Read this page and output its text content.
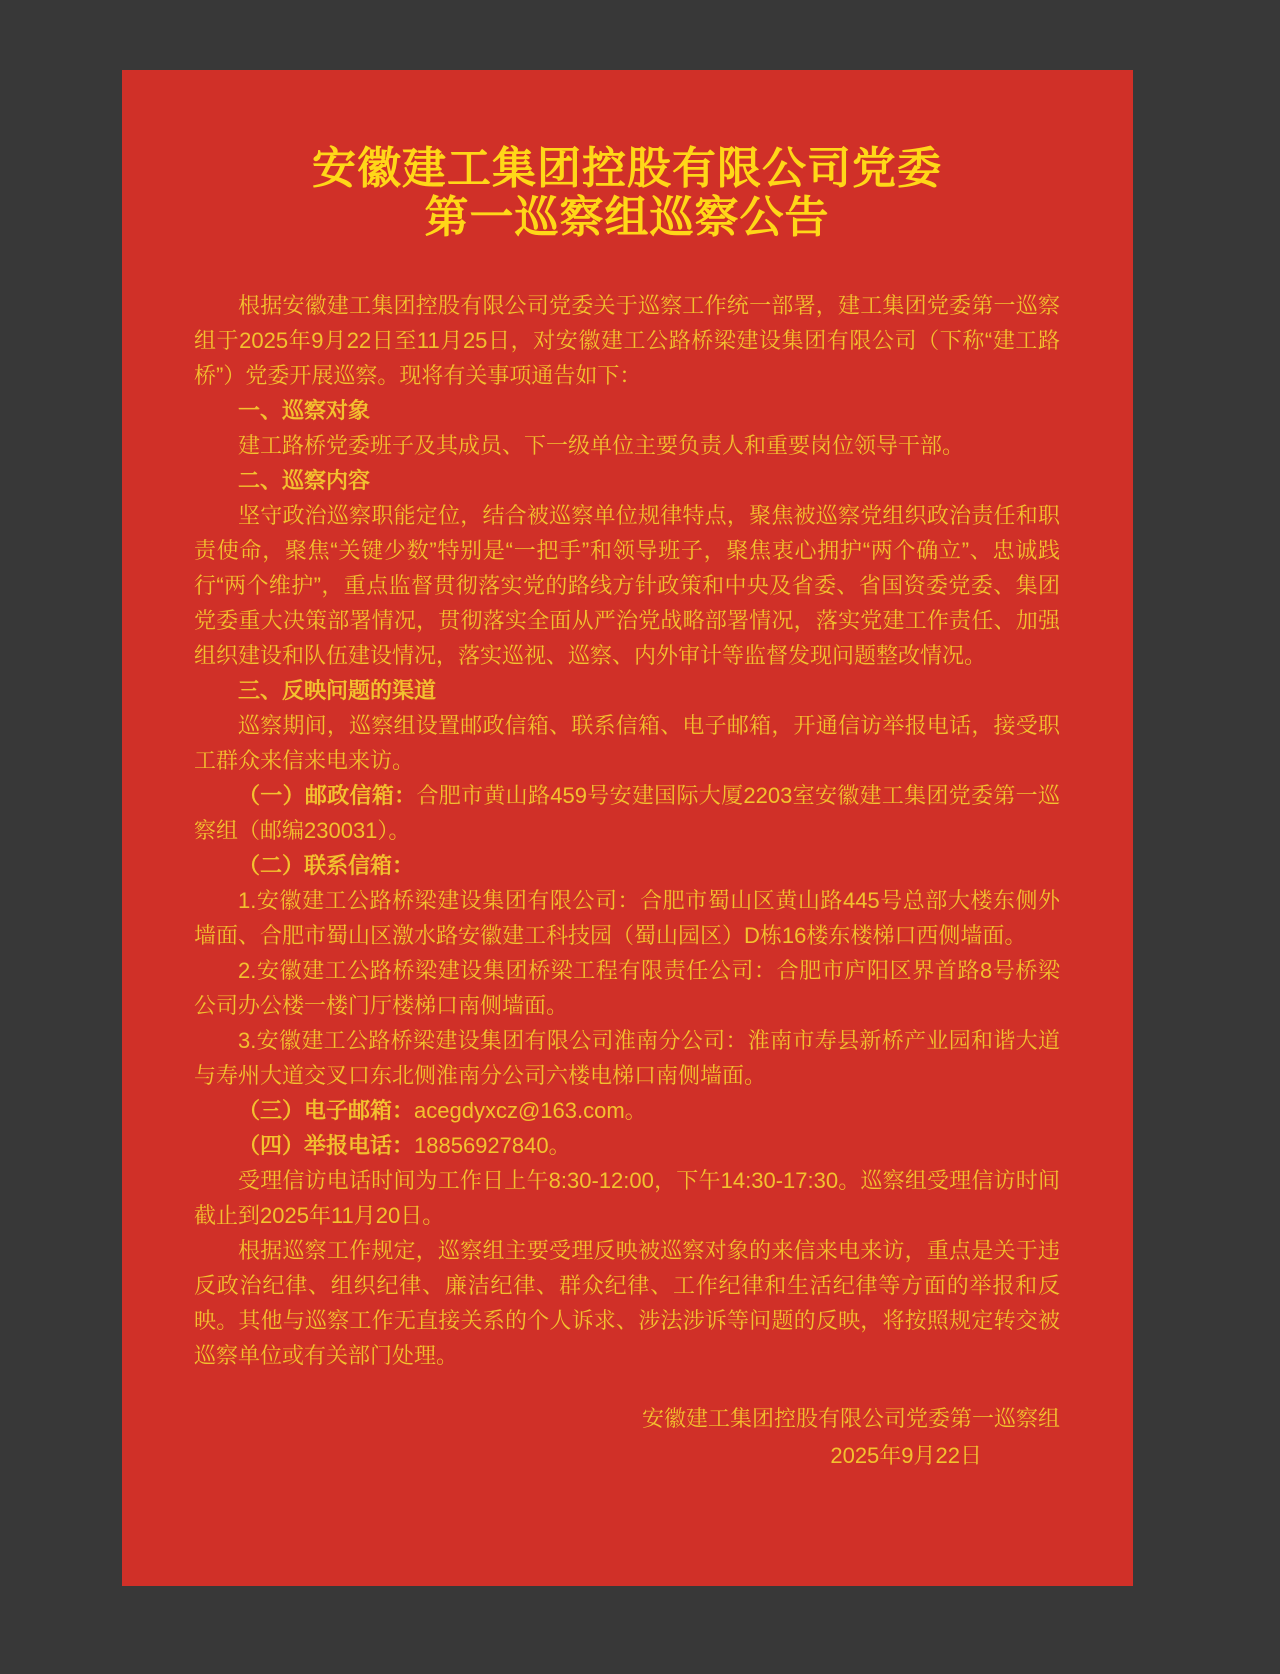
安徽建工集团控股有限公司党委
第一巡察组巡察公告

根据安徽建工集团控股有限公司党委关于巡察工作统一部署，建工集团党委第一巡察组于2025年9月22日至11月25日，对安徽建工公路桥梁建设集团有限公司（下称“建工路桥”）党委开展巡察。现将有关事项通告如下：

一、巡察对象

建工路桥党委班子及其成员、下一级单位主要负责人和重要岗位领导干部。

二、巡察内容

坚守政治巡察职能定位，结合被巡察单位规律特点，聚焦被巡察党组织政治责任和职责使命，聚焦“关键少数”特别是“一把手”和领导班子，聚焦衷心拥护“两个确立”、忠诚践行“两个维护”，重点监督贯彻落实党的路线方针政策和中央及省委、省国资委党委、集团党委重大决策部署情况，贯彻落实全面从严治党战略部署情况，落实党建工作责任、加强组织建设和队伍建设情况，落实巡视、巡察、内外审计等监督发现问题整改情况。

三、反映问题的渠道

巡察期间，巡察组设置邮政信箱、联系信箱、电子邮箱，开通信访举报电话，接受职工群众来信来电来访。

（一）邮政信箱：合肥市黄山路459号安建国际大厦2203室安徽建工集团党委第一巡察组（邮编230031）。

（二）联系信箱：

1.安徽建工公路桥梁建设集团有限公司：合肥市蜀山区黄山路445号总部大楼东侧外墙面、合肥市蜀山区激水路安徽建工科技园（蜀山园区）D栋16楼东楼梯口西侧墙面。

2.安徽建工公路桥梁建设集团桥梁工程有限责任公司：合肥市庐阳区界首路8号桥梁公司办公楼一楼门厅楼梯口南侧墙面。

3.安徽建工公路桥梁建设集团有限公司淮南分公司：淮南市寿县新桥产业园和谐大道与寿州大道交叉口东北侧淮南分公司六楼电梯口南侧墙面。

（三）电子邮箱：acegdyxcz@163.com。

（四）举报电话：18856927840。

受理信访电话时间为工作日上午8:30-12:00，下午14:30-17:30。巡察组受理信访时间截止到2025年11月20日。

根据巡察工作规定，巡察组主要受理反映被巡察对象的来信来电来访，重点是关于违反政治纪律、组织纪律、廉洁纪律、群众纪律、工作纪律和生活纪律等方面的举报和反映。其他与巡察工作无直接关系的个人诉求、涉法涉诉等问题的反映，将按照规定转交被巡察单位或有关部门处理。

安徽建工集团控股有限公司党委第一巡察组

2025年9月22日
